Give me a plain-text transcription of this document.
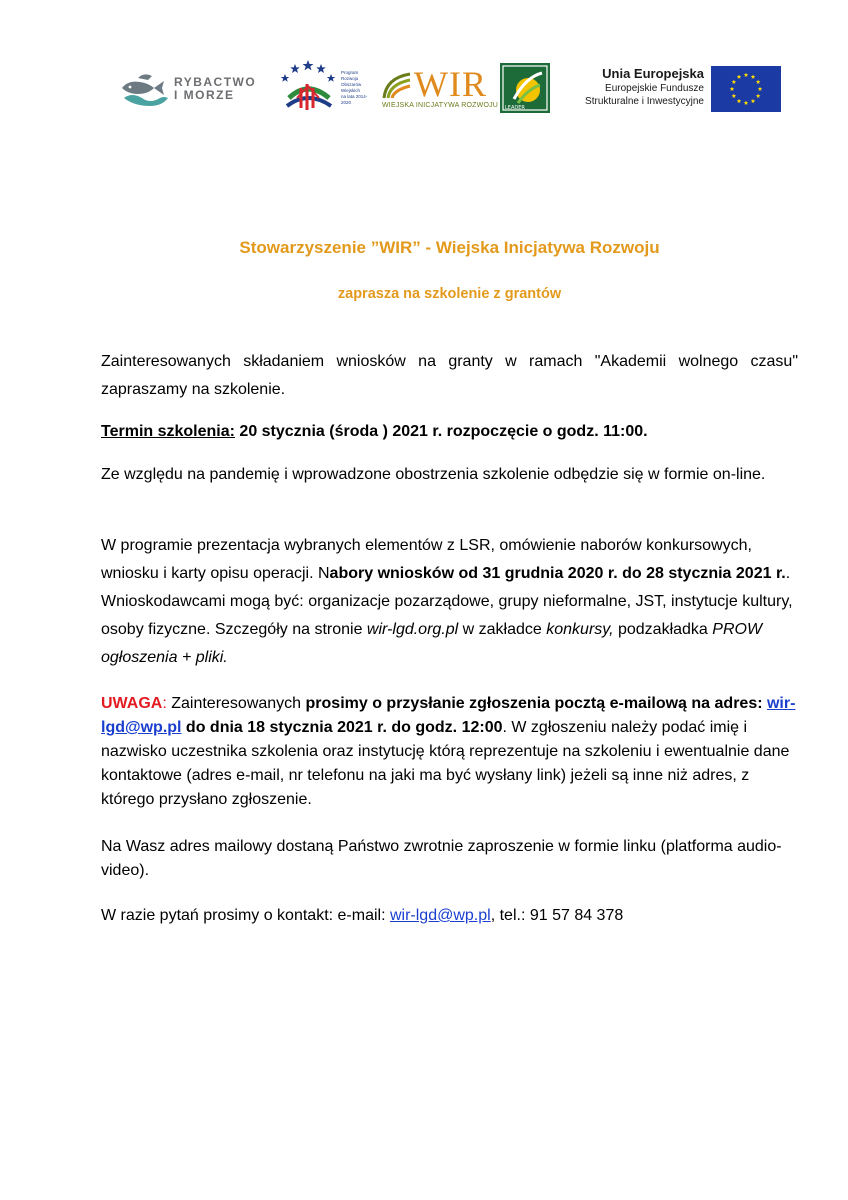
RYBACTWO
I MORZE
Program
Rozwoju
Obszarów
Wiejskich
na lata 2014-2020	WIR
WIEJSKA INICJATYWA ROZWOJU LEADER
Unia Europejska
Europejskie Fundusze
Strukturalne i Inwestycyjne
Stowarzyszenie ”WIR” - Wiejska Inicjatywa Rozwoju
zaprasza na szkolenie z grantów

Zainteresowanych składaniem wniosków na granty w ramach "Akademii wolnego czasu" zapraszamy na szkolenie.

Termin szkolenia: 20 stycznia (środa ) 2021 r. rozpoczęcie o godz. 11:00.

Ze względu na pandemię i wprowadzone obostrzenia szkolenie odbędzie się w formie on-line.

W programie prezentacja wybranych elementów z LSR, omówienie naborów konkursowych, wniosku i karty opisu operacji. Nabory wniosków od 31 grudnia 2020 r. do 28 stycznia 2021 r.. Wnioskodawcami mogą być: organizacje pozarządowe, grupy nieformalne, JST, instytucje kultury, osoby fizyczne. Szczegóły na stronie wir-lgd.org.pl w zakładce konkursy, podzakładka PROW ogłoszenia + pliki.

UWAGA: Zainteresowanych prosimy o przysłanie zgłoszenia pocztą e-mailową na adres: wir-lgd@wp.pl do dnia 18 stycznia 2021 r. do godz. 12:00. W zgłoszeniu należy podać imię i nazwisko uczestnika szkolenia oraz instytucję którą reprezentuje na szkoleniu i ewentualnie dane kontaktowe (adres e-mail, nr telefonu na jaki ma być wysłany link) jeżeli są inne niż adres, z którego przysłano zgłoszenie.

Na Wasz adres mailowy dostaną Państwo zwrotnie zaproszenie w formie linku (platforma audio- video).

W razie pytań prosimy o kontakt: e-mail: wir-lgd@wp.pl, tel.: 91 57 84 378
